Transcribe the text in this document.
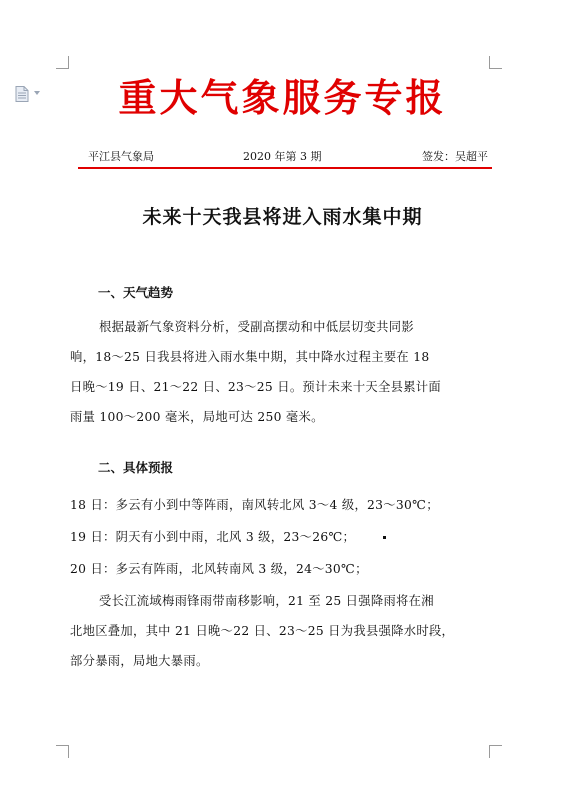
重大气象服务专报
平江县气象局	2020 年第 3 期	签发：吴超平
未来十天我县将进入雨水集中期
一、天气趋势
根据最新气象资料分析，受副高摆动和中低层切变共同影
响，18～25 日我县将进入雨水集中期，其中降水过程主要在 18
日晚～19 日、21～22 日、23～25 日。预计未来十天全县累计面
雨量 100～200 毫米，局地可达 250 毫米。
二、具体预报
18 日：多云有小到中等阵雨，南风转北风 3～4 级，23～30℃；
19 日：阴天有小到中雨，北风 3 级，23～26℃；
20 日：多云有阵雨，北风转南风 3 级，24～30℃；
受长江流域梅雨锋雨带南移影响，21 至 25 日强降雨将在湘
北地区叠加，其中 21 日晚～22 日、23～25 日为我县强降水时段，
部分暴雨，局地大暴雨。
